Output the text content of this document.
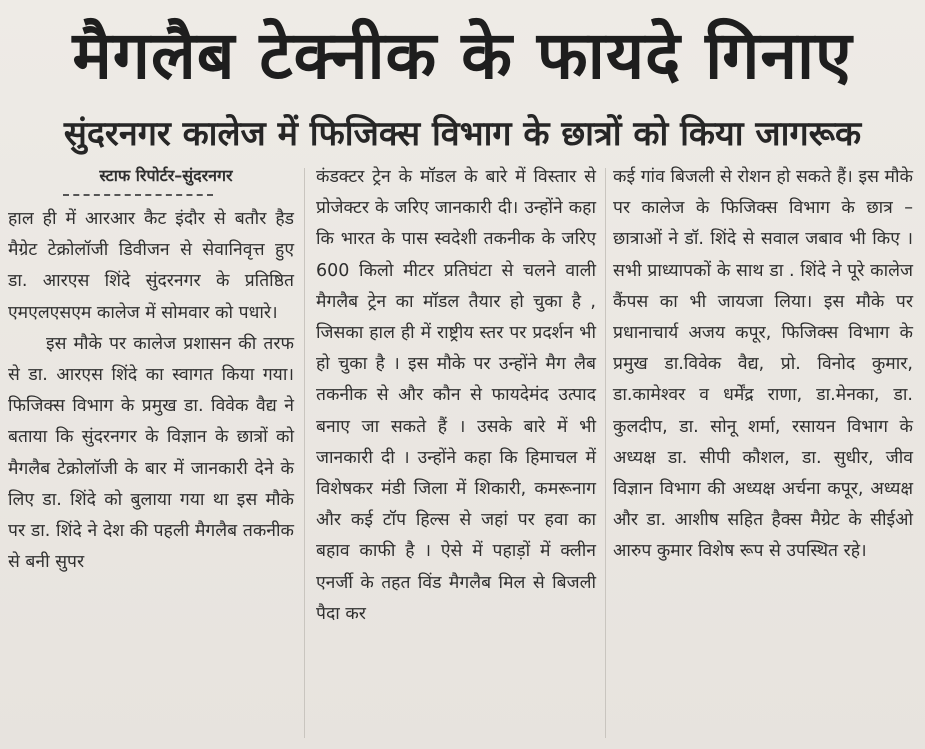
मैगलैब टेक्नीक के फायदे गिनाए
सुंदरनगर कालेज में फिजिक्स विभाग के छात्रों को किया जागरूक
स्टाफ रिपोर्टर–सुंदरनगर

हाल ही में आरआर कैट इंदौर से बतौर हैड मैग्रेट टेक्रोलॉजी डिवीजन से सेवानिवृत्त हुए डा. आरएस शिंदे सुंदरनगर के प्रतिष्ठित एमएलएसएम कालेज में सोमवार को पधारे।

इस मौके पर कालेज प्रशासन की तरफ से डा. आरएस शिंदे का स्वागत किया गया। फिजिक्स विभाग के प्रमुख डा. विवेक वैद्य ने बताया कि सुंदरनगर के विज्ञान के छात्रों को मैगलैब टेक्रोलॉजी के बार में जानकारी देने के लिए डा. शिंदे को बुलाया गया था इस मौके पर डा. शिंदे ने देश की पहली मैगलैब तकनीक से बनी सुपर

कंडक्टर ट्रेन के मॉडल के बारे में विस्तार से प्रोजेक्टर के जरिए जानकारी दी। उन्होंने कहा कि भारत के पास स्वदेशी तकनीक के जरिए 600 किलो मीटर प्रतिघंटा से चलने वाली मैगलैब ट्रेन का मॉडल तैयार हो चुका है , जिसका हाल ही में राष्ट्रीय स्तर पर प्रदर्शन भी हो चुका है । इस मौके पर उन्होंने मैग लैब तकनीक से और कौन से फायदेमंद उत्पाद बनाए जा सकते हैं । उसके बारे में भी जानकारी दी । उन्होंने कहा कि हिमाचल में विशेषकर मंडी जिला में शिकारी, कमरूनाग और कई टॉप हिल्स से जहां पर हवा का बहाव काफी है । ऐसे में पहाड़ों में क्लीन एनर्जी के तहत विंड मैगलैब मिल से बिजली पैदा कर

कई गांव बिजली से रोशन हो सकते हैं। इस मौके पर कालेज के फिजिक्स विभाग के छात्र –छात्राओं ने डॉ. शिंदे से सवाल जबाव भी किए । सभी प्राध्यापकों के साथ डा . शिंदे ने पूरे कालेज कैंपस का भी जायजा लिया। इस मौके पर प्रधानाचार्य अजय कपूर, फिजिक्स विभाग के प्रमुख डा.विवेक वैद्य, प्रो. विनोद कुमार, डा.कामेश्वर व धर्मेंद्र राणा, डा.मेनका, डा. कुलदीप, डा. सोनू शर्मा, रसायन विभाग के अध्यक्ष डा. सीपी कौशल, डा. सुधीर, जीव विज्ञान विभाग की अध्यक्ष अर्चना कपूर, अध्यक्ष और डा. आशीष सहित हैक्स मैग्रेट के सीईओ आरुप कुमार विशेष रूप से उपस्थित रहे।
